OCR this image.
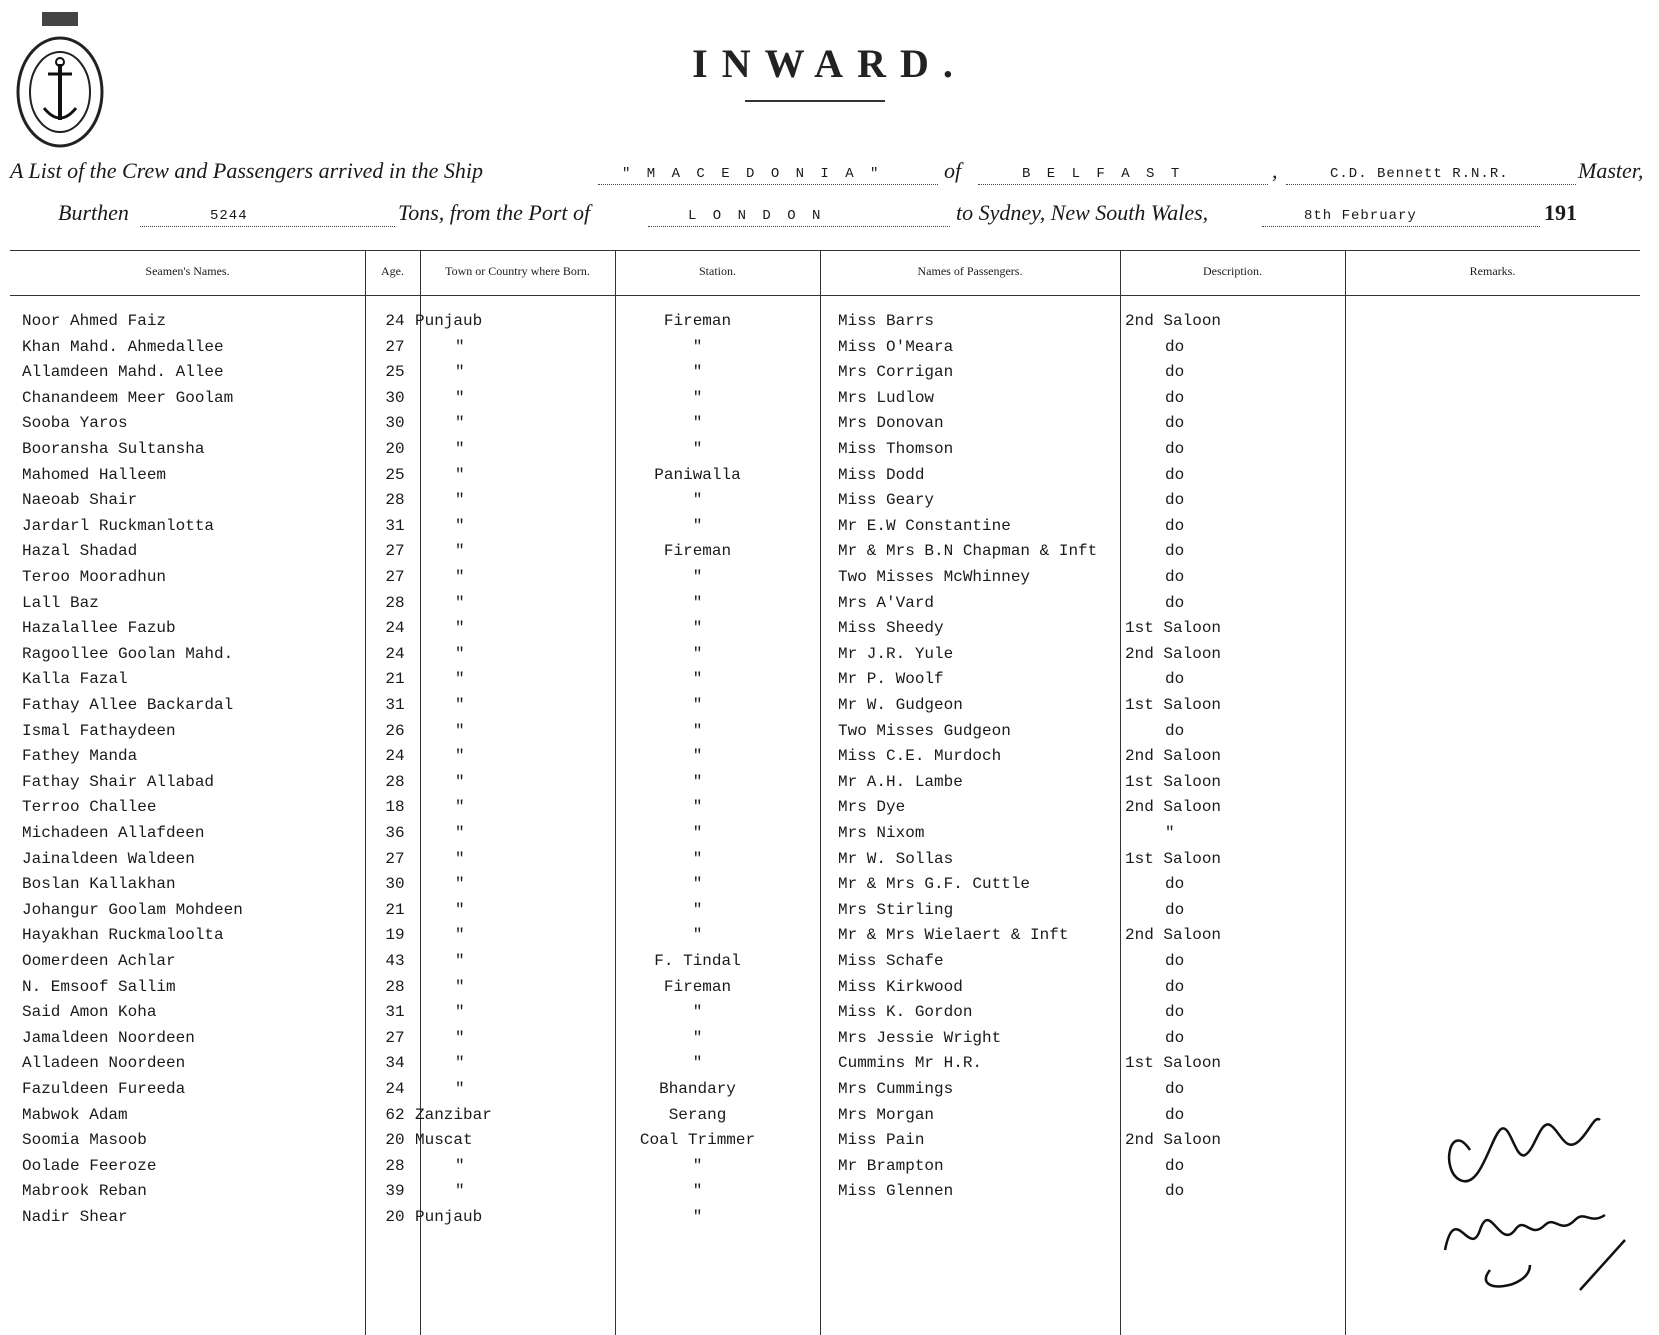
INWARD.
A List of the Crew and Passengers arrived in the Ship	" M A C E D O N I A "	of	B E L F A S T	,	C.D. Bennett R.N.R.	Master,
Burthen	5244	Tons, from the Port of	L O N D O N	to Sydney, New South Wales,	8th February	191
Seamen's Names.	Age.	Town or Country where Born.	Station.	Names of Passengers.	Description.	Remarks.
Noor Ahmed Faiz	24 Punjaub	Fireman	Miss Barrs	2nd Saloon
Khan Mahd. Ahmedallee	27	"	"	Miss O'Meara	do
Allamdeen Mahd. Allee	25	"	"	Mrs Corrigan	do
Chanandeem Meer Goolam	30	"	"	Mrs Ludlow	do
Sooba Yaros	30	"	"	Mrs Donovan	do
Booransha Sultansha	20	"	"	Miss Thomson	do
Mahomed Halleem	25	"	Paniwalla	Miss Dodd	do
Naeoab Shair	28	"	"	Miss Geary	do
Jardarl Ruckmanlotta	31	"	"	Mr E.W Constantine	do
Hazal Shadad	27	"	Fireman	Mr & Mrs B.N Chapman & Inft	do
Teroo Mooradhun	27	"	"	Two Misses McWhinney	do
Lall Baz	28	"	"	Mrs A'Vard	do
Hazalallee Fazub	24	"	"	Miss Sheedy	1st Saloon
Ragoollee Goolan Mahd.	24	"	"	Mr J.R. Yule	2nd Saloon
Kalla Fazal	21	"	"	Mr P. Woolf	do
Fathay Allee Backardal	31	"	"	Mr W. Gudgeon	1st Saloon
Ismal Fathaydeen	26	"	"	Two Misses Gudgeon	do
Fathey Manda	24	"	"	Miss C.E. Murdoch	2nd Saloon
Fathay Shair Allabad	28	"	"	Mr A.H. Lambe	1st Saloon
Terroo Challee	18	"	"	Mrs Dye	2nd Saloon
Michadeen Allafdeen	36	"	"	Mrs Nixom	"
Jainaldeen Waldeen	27	"	"	Mr W. Sollas	1st Saloon
Boslan Kallakhan	30	"	"	Mr & Mrs G.F. Cuttle	do
Johangur Goolam Mohdeen	21	"	"	Mrs Stirling	do
Hayakhan Ruckmaloolta	19	"	"	Mr & Mrs Wielaert & Inft	2nd Saloon
Oomerdeen Achlar	43	"	F. Tindal	Miss Schafe	do
N. Emsoof Sallim	28	"	Fireman	Miss Kirkwood	do
Said Amon Koha	31	"	"	Miss K. Gordon	do
Jamaldeen Noordeen	27	"	"	Mrs Jessie Wright	do
Alladeen Noordeen	34	"	"	Cummins Mr H.R.	1st Saloon
Fazuldeen Fureeda	24	"	Bhandary	Mrs Cummings	do
Mabwok Adam	62 Zanzibar	Serang	Mrs Morgan	do
Soomia Masoob	20 Muscat	Coal Trimmer	Miss Pain	2nd Saloon
Oolade Feeroze	28	"	"	Mr Brampton	do
Mabrook Reban	39	"	"	Miss Glennen	do
Nadir Shear	20 Punjaub	"
